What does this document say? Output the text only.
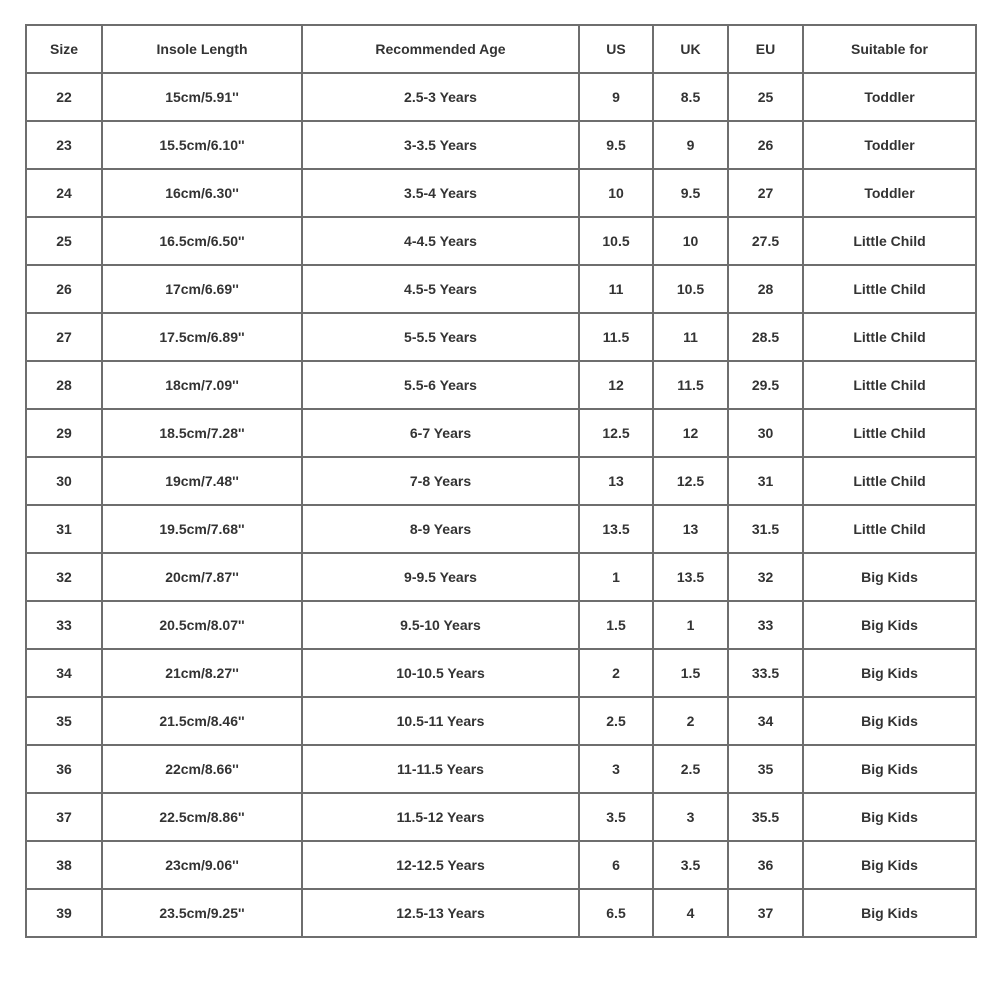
Size	Insole Length	Recommended Age	US	UK	EU	Suitable for
22	15cm/5.91''	2.5-3 Years	9	8.5	25	Toddler
23	15.5cm/6.10''	3-3.5 Years	9.5	9	26	Toddler
24	16cm/6.30''	3.5-4 Years	10	9.5	27	Toddler
25	16.5cm/6.50''	4-4.5 Years	10.5	10	27.5	Little Child
26	17cm/6.69''	4.5-5 Years	11	10.5	28	Little Child
27	17.5cm/6.89''	5-5.5 Years	11.5	11	28.5	Little Child
28	18cm/7.09''	5.5-6 Years	12	11.5	29.5	Little Child
29	18.5cm/7.28''	6-7 Years	12.5	12	30	Little Child
30	19cm/7.48''	7-8 Years	13	12.5	31	Little Child
31	19.5cm/7.68''	8-9 Years	13.5	13	31.5	Little Child
32	20cm/7.87''	9-9.5 Years	1	13.5	32	Big Kids
33	20.5cm/8.07''	9.5-10 Years	1.5	1	33	Big Kids
34	21cm/8.27''	10-10.5 Years	2	1.5	33.5	Big Kids
35	21.5cm/8.46''	10.5-11 Years	2.5	2	34	Big Kids
36	22cm/8.66''	11-11.5 Years	3	2.5	35	Big Kids
37	22.5cm/8.86''	11.5-12 Years	3.5	3	35.5	Big Kids
38	23cm/9.06''	12-12.5 Years	6	3.5	36	Big Kids
39	23.5cm/9.25''	12.5-13 Years	6.5	4	37	Big Kids
